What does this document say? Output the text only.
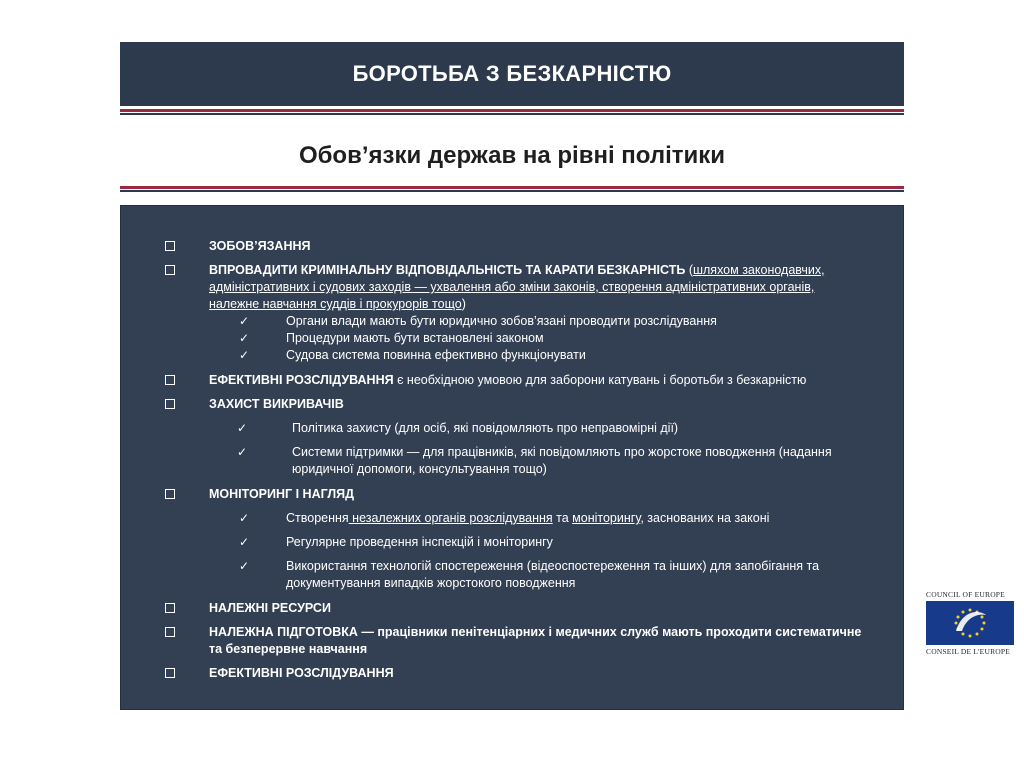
БОРОТЬБА З БЕЗКАРНІСТЮ
Обов’язки держав на рівні політики
ЗОБОВ’ЯЗАННЯ
ВПРОВАДИТИ КРИМІНАЛЬНУ ВІДПОВІДАЛЬНІСТЬ ТА КАРАТИ БЕЗКАРНІСТЬ (шляхом законодавчих, адміністративних і судових заходів — ухвалення або зміни законів, створення адміністративних органів, належне навчання суддів і прокурорів тощо)
✓	Органи влади мають бути юридично зобов’язані проводити розслідування
✓	Процедури мають бути встановлені законом
✓	Судова система повинна ефективно функціонувати
ЕФЕКТИВНІ РОЗСЛІДУВАННЯ є необхідною умовою для заборони катувань і боротьби з безкарністю
ЗАХИСТ ВИКРИВАЧІВ
✓	Політика захисту (для осіб, які повідомляють про неправомірні дії)
✓	Системи підтримки — для працівників, які повідомляють про жорстоке поводження (надання юридичної допомоги, консультування тощо)
МОНІТОРИНГ І НАГЛЯД
✓	Створення незалежних органів розслідування та моніторингу, заснованих на законі
✓	Регулярне проведення інспекцій і моніторингу
✓	Використання технологій спостереження (відеоспостереження та інших) для запобігання та документування випадків жорстокого поводження
НАЛЕЖНІ РЕСУРСИ
НАЛЕЖНА ПІДГОТОВКА — працівники пенітенціарних і медичних служб мають проходити систематичне та безперервне навчання
ЕФЕКТИВНІ РОЗСЛІДУВАННЯ
COUNCIL OF EUROPE
CONSEIL DE L'EUROPE
